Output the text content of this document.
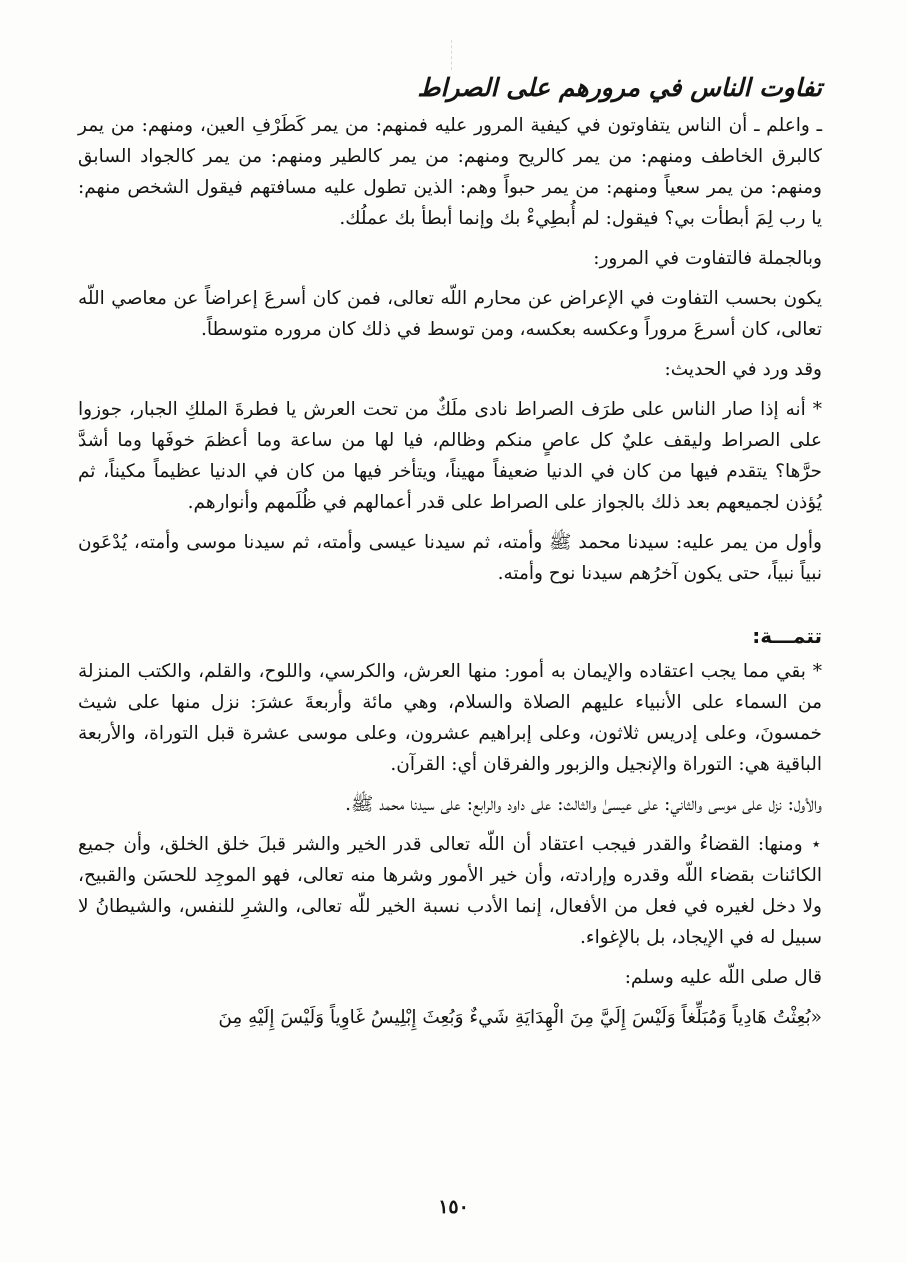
تفاوت الناس في مرورهم على الصراط

ـ واعلم ـ أن الناس يتفاوتون في كيفية المرور عليه فمنهم: من يمر كَطَرْفِ العين، ومنهم: من يمر كالبرق الخاطف ومنهم: من يمر كالريح ومنهم: من يمر كالطير ومنهم: من يمر كالجواد السابق ومنهم: من يمر سعياً ومنهم: من يمر حبواً وهم: الذين تطول عليه مسافتهم فيقول الشخص منهم: يا رب لِمَ أبطأت بي؟ فيقول: لم أُبطِيءْ بك وإنما أبطأ بك عملُك.

وبالجملة فالتفاوت في المرور:

يكون بحسب التفاوت في الإعراض عن محارم اللّه تعالى، فمن كان أسرعَ إعراضاً عن معاصي اللّه تعالى، كان أسرعَ مروراً وعكسه بعكسه، ومن توسط في ذلك كان مروره متوسطاً.

وقد ورد في الحديث:

* أنه إذا صار الناس على طرَف الصراط نادى ملَكٌ من تحت العرش يا فطرةَ الملكِ الجبار، جوزوا على الصراط وليقف عليٌ كل عاصٍ منكم وظالم، فيا لها من ساعة وما أعظمَ خوفَها وما أشدَّ حرَّها؟ يتقدم فيها من كان في الدنيا ضعيفاً مهيناً، ويتأخر فيها من كان في الدنيا عظيماً مكيناً، ثم يُؤذن لجميعهم بعد ذلك بالجواز على الصراط على قدر أعمالهم في ظُلَمهم وأنوارهم.

وأول من يمر عليه: سيدنا محمد ﷺ وأمته، ثم سيدنا عيسى وأمته، ثم سيدنا موسى وأمته، يُدْعَون نبياً نبياً، حتى يكون آخرُهم سيدنا نوح وأمته.

تتمـــة:

* بقي مما يجب اعتقاده والإيمان به أمور: منها العرش، والكرسي، واللوح، والقلم، والكتب المنزلة من السماء على الأنبياء عليهم الصلاة والسلام، وهي مائة وأربعةَ عشرَ: نزل منها على شيث خمسونَ، وعلى إدريس ثلاثون، وعلى إبراهيم عشرون، وعلى موسى عشرة قبل التوراة، والأربعة الباقية هي: التوراة والإنجيل والزبور والفرقان أي: القرآن.

والأول: نزل على موسى والثاني: على عيسىٰ والثالث: على داود والرابع: على سيدنا محمد ﷺ.

⋆ ومنها: القضاءُ والقدر فيجب اعتقاد أن اللّه تعالى قدر الخير والشر قبلَ خلق الخلق، وأن جميع الكائنات بقضاء اللّه وقدره وإرادته، وأن خير الأمور وشرها منه تعالى، فهو الموجِد للحسَن والقبيح، ولا دخل لغيره في فعل من الأفعال، إنما الأدب نسبة الخير للّه تعالى، والشرِ للنفس، والشيطانُ لا سبيل له في الإيجاد، بل بالإغواء.

قال صلى اللّه عليه وسلم:

«بُعِثْتُ هَادِياً وَمُبَلِّغاً وَلَيْسَ إِلَيَّ مِنَ الْهِدَايَةِ شَيءٌ وَبُعِثَ إِبْلِيسُ غَاوِياً وَلَيْسَ إِلَيْهِ مِنَ

١٥٠
